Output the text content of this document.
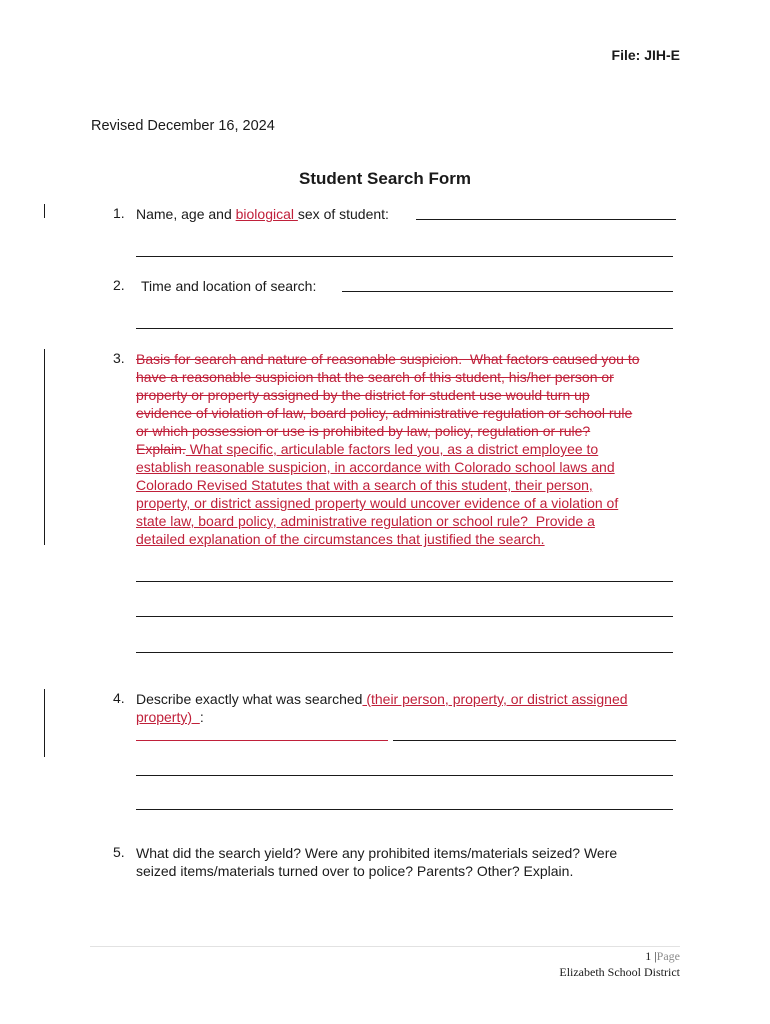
File: JIH-E
Revised December 16, 2024
Student Search Form
1. Name, age and biological sex of student:
2. Time and location of search:
3. Basis for search and nature of reasonable suspicion.  What factors caused you to
have a reasonable suspicion that the search of this student, his/her person or
property or property assigned by the district for student use would turn up
evidence of violation of law, board policy, administrative regulation or school rule
or which possession or use is prohibited by law, policy, regulation or rule?
Explain. What specific, articulable factors led you, as a district employee to
establish reasonable suspicion, in accordance with Colorado school laws and
Colorado Revised Statutes that with a search of this student, their person,
property, or district assigned property would uncover evidence of a violation of
state law, board policy, administrative regulation or school rule?  Provide a
detailed explanation of the circumstances that justified the search.
4. Describe exactly what was searched (their person, property, or district assigned
property)  :
5. What did the search yield? Were any prohibited items/materials seized? Were
seized items/materials turned over to police? Parents? Other? Explain.
1 |Page
Elizabeth School District
